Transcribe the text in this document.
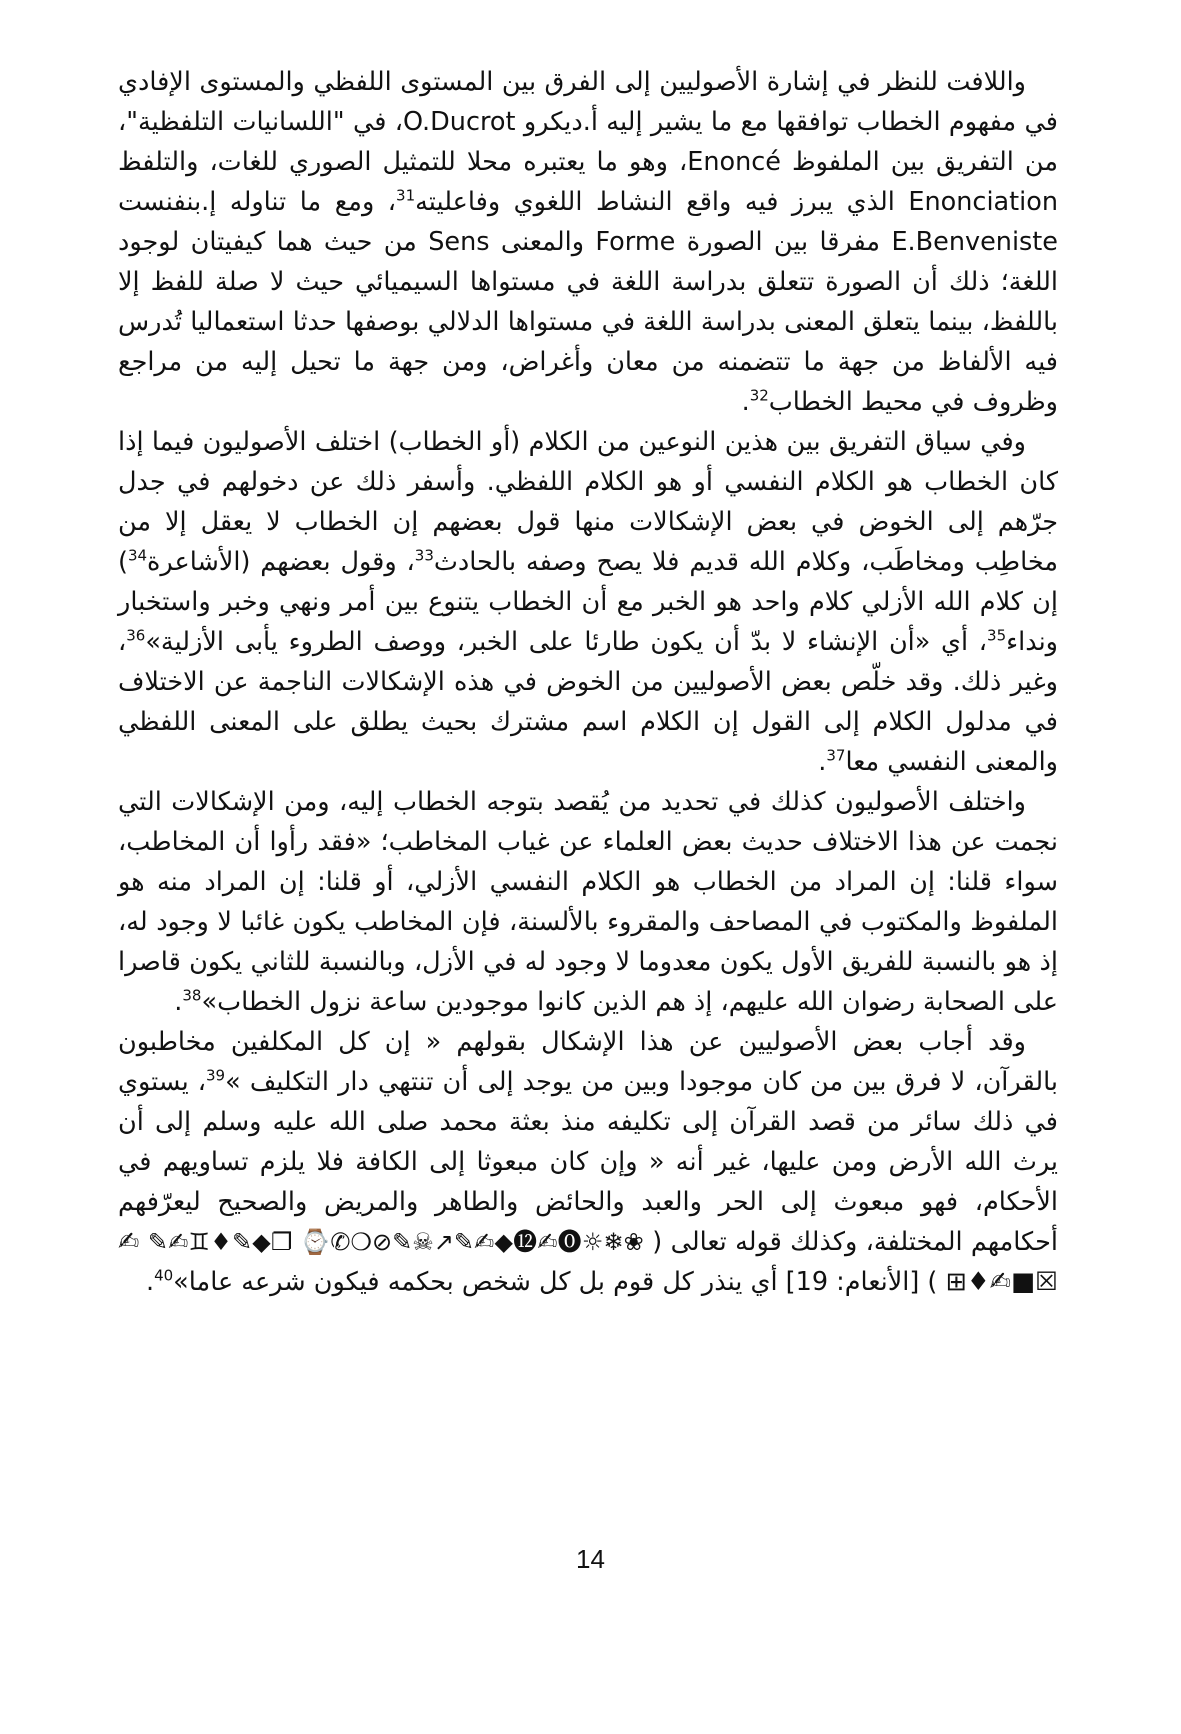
واللافت للنظر في إشارة الأصوليين إلى الفرق بين المستوى اللفظي والمستوى الإفادي في مفهوم الخطاب توافقها مع ما يشير إليه أ.ديكرو O.Ducrot، في "اللسانيات التلفظية"، من التفريق بين الملفوظ Enoncé، وهو ما يعتبره محلا للتمثيل الصوري للغات، والتلفظ Enonciation الذي يبرز فيه واقع النشاط اللغوي وفاعليته$^{31}$، ومع ما تناوله إ.بنفنست E.Benveniste مفرقا بين الصورة Forme والمعنى Sens من حيث هما كيفيتان لوجود اللغة؛ ذلك أن الصورة تتعلق بدراسة اللغة في مستواها السيميائي حيث لا صلة للفظ إلا باللفظ، بينما يتعلق المعنى بدراسة اللغة في مستواها الدلالي بوصفها حدثا استعماليا تُدرس فيه الألفاظ من جهة ما تتضمنه من معان وأغراض، ومن جهة ما تحيل إليه من مراجع وظروف في محيط الخطاب$^{32}$.

وفي سياق التفريق بين هذين النوعين من الكلام (أو الخطاب) اختلف الأصوليون فيما إذا كان الخطاب هو الكلام النفسي أو هو الكلام اللفظي. وأسفر ذلك عن دخولهم في جدل جرّهم إلى الخوض في بعض الإشكالات منها قول بعضهم إن الخطاب لا يعقل إلا من مخاطِب ومخاطَب، وكلام الله قديم فلا يصح وصفه بالحادث$^{33}$، وقول بعضهم (الأشاعرة$^{34}$) إن كلام الله الأزلي كلام واحد هو الخبر مع أن الخطاب يتنوع بين أمر ونهي وخبر واستخبار ونداء$^{35}$، أي «أن الإنشاء لا بدّ أن يكون طارئا على الخبر، ووصف الطروء يأبى الأزلية»$^{36}$، وغير ذلك. وقد خلّص بعض الأصوليين من الخوض في هذه الإشكالات الناجمة عن الاختلاف في مدلول الكلام إلى القول إن الكلام اسم مشترك بحيث يطلق على المعنى اللفظي والمعنى النفسي معا$^{37}$.

واختلف الأصوليون كذلك في تحديد من يُقصد بتوجه الخطاب إليه، ومن الإشكالات التي نجمت عن هذا الاختلاف حديث بعض العلماء عن غياب المخاطب؛ «فقد رأوا أن المخاطب، سواء قلنا: إن المراد من الخطاب هو الكلام النفسي الأزلي، أو قلنا: إن المراد منه هو الملفوظ والمكتوب في المصاحف والمقروء بالألسنة، فإن المخاطب يكون غائبا لا وجود له، إذ هو بالنسبة للفريق الأول يكون معدوما لا وجود له في الأزل، وبالنسبة للثاني يكون قاصرا على الصحابة رضوان الله عليهم، إذ هم الذين كانوا موجودين ساعة نزول الخطاب»$^{38}$.

وقد أجاب بعض الأصوليين عن هذا الإشكال بقولهم « إن كل المكلفين مخاطبون بالقرآن، لا فرق بين من كان موجودا وبين من يوجد إلى أن تنتهي دار التكليف »$^{39}$، يستوي في ذلك سائر من قصد القرآن إلى تكليفه منذ بعثة محمد صلى الله عليه وسلم إلى أن يرث الله الأرض ومن عليها، غير أنه « وإن كان مبعوثا إلى الكافة فلا يلزم تساويهم في الأحكام، فهو مبعوث إلى الحر والعبد والحائض والطاهر والمريض والصحيح ليعرّفهم أحكامهم المختلفة، وكذلك قوله تعالى ( ❀❄☼⓿✍⓬◆✍✎↗☠✎⊘❍✆⌚ ❐◆✎♦♊✍✎ ✍☒■✍♦⊞ ) [الأنعام: 19] أي ينذر كل قوم بل كل شخص بحكمه فيكون شرعه عاما»$^{40}$.

14
